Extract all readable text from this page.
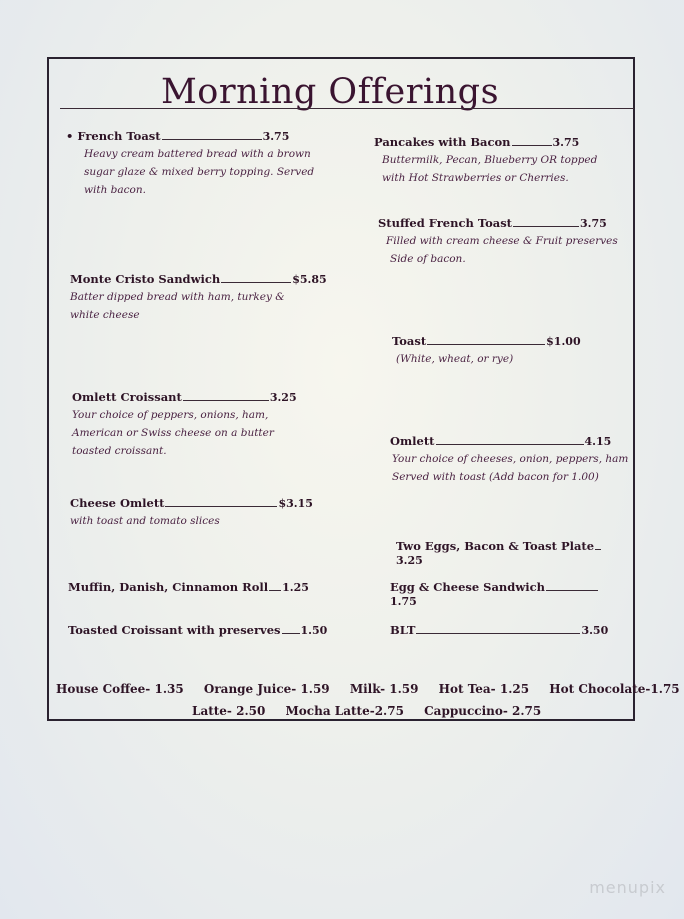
Morning Offerings
• French Toast	3.75
Heavy cream battered bread with a brown sugar glaze & mixed berry topping. Served with bacon.
Monte Cristo Sandwich	$5.85
Batter dipped bread with ham, turkey & white cheese
Omlett Croissant	3.25
Your choice of peppers, onions, ham, American or Swiss cheese on a butter toasted croissant.
Cheese Omlett	$3.15
with toast and tomato slices
Muffin, Danish, Cinnamon Roll 1.25
Toasted Croissant with preserves 1.50
Pancakes with Bacon	3.75
Buttermilk, Pecan, Blueberry OR topped with Hot Strawberries or Cherries.
Stuffed French Toast	3.75
Filled with cream cheese & Fruit preserves
Side of bacon.
Toast	$1.00
(White, wheat, or rye)
Omlett	4.15
Your choice of cheeses, onion, peppers, ham
Served with toast (Add bacon for 1.00)
Two Eggs, Bacon & Toast Plate3.25
Egg & Cheese Sandwich1.75
BLT	3.50
House Coffee- 1.35 Orange Juice- 1.59 Milk- 1.59 Hot Tea- 1.25 Hot Chocolate-1.75
Latte- 2.50 Mocha Latte-2.75 Cappuccino- 2.75
menupix
